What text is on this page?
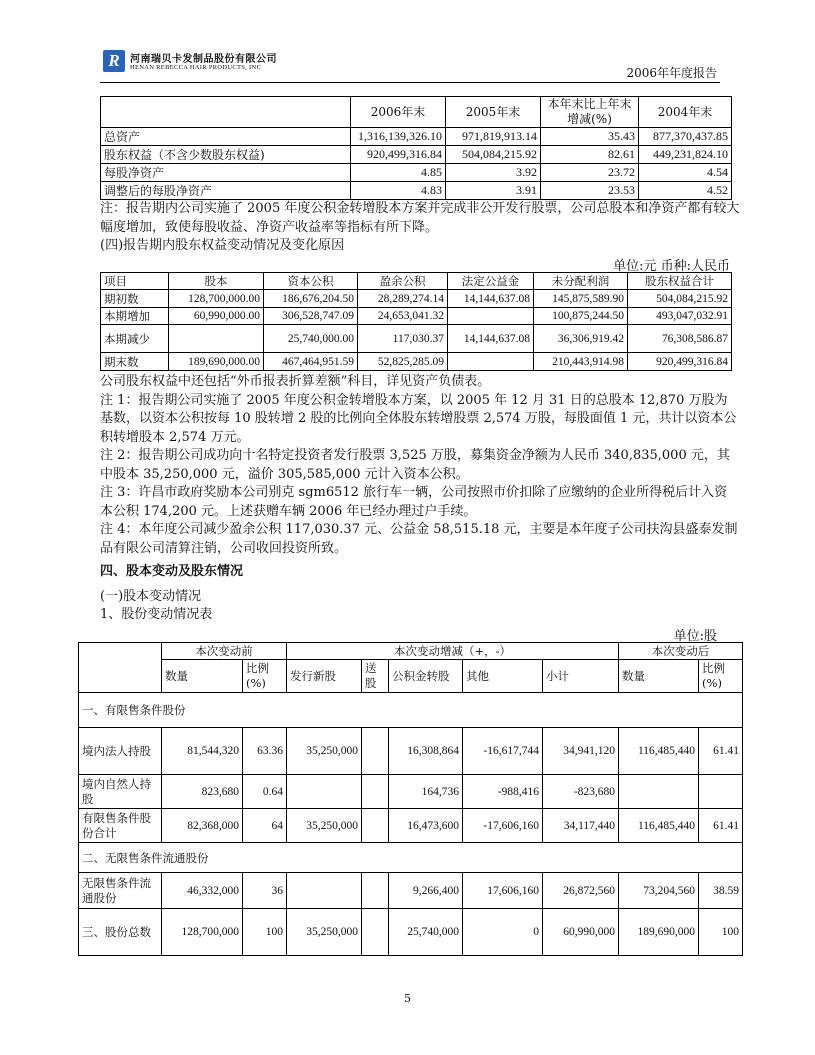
R	河南瑞贝卡发制品股份有限公司
HENAN REBECCA HAIR PRODUCTS, INC	2006年年度报告
	2006年末	2005年末	本年末比上年末增减(%)	2004年末
总资产	1,316,139,326.10	971,819,913.14	35.43	877,370,437.85
股东权益（不含少数股东权益)	920,499,316.84	504,084,215.92	82.61	449,231,824.10
每股净资产	4.85	3.92	23.72	4.54
调整后的每股净资产	4.83	3.91	23.53	4.52
注：报告期内公司实施了 2005 年度公积金转增股本方案并完成非公开发行股票，公司总股本和净资产都有较大幅度增加，致使每股收益、净资产收益率等指标有所下降。
(四)报告期内股东权益变动情况及变化原因
单位:元 币种:人民币
项目	股本	资本公积	盈余公积	法定公益金	未分配利润	股东权益合计
期初数	128,700,000.00	186,676,204.50	28,289,274.14	14,144,637.08	145,875,589.90	504,084,215.92
本期增加	60,990,000.00	306,528,747.09	24,653,041.32		100,875,244.50	493,047,032.91
本期减少		25,740,000.00	117,030.37	14,144,637.08	36,306,919.42	76,308,586.87
期末数	189,690,000.00	467,464,951.59	52,825,285.09		210,443,914.98	920,499,316.84
公司股东权益中还包括“外币报表折算差额”科目，详见资产负债表。
注 1：报告期公司实施了 2005 年度公积金转增股本方案，以 2005 年 12 月 31 日的总股本 12,870 万股为基数，以资本公积按每 10 股转增 2 股的比例向全体股东转增股票 2,574 万股，每股面值 1 元，共计以资本公积转增股本 2,574 万元。
注 2：报告期公司成功向十名特定投资者发行股票 3,525 万股，募集资金净额为人民币 340,835,000 元，其中股本 35,250,000 元，溢价 305,585,000 元计入资本公积。
注 3：许昌市政府奖励本公司别克 sgm6512 旅行车一辆，公司按照市价扣除了应缴纳的企业所得税后计入资本公积 174,200 元。上述获赠车辆 2006 年已经办理过户手续。
注 4：本年度公司减少盈余公积 117,030.37 元、公益金 58,515.18 元，主要是本年度子公司扶沟县盛泰发制品有限公司清算注销，公司收回投资所致。
四、股本变动及股东情况
(一)股本变动情况
1、股份变动情况表
单位:股
	本次变动前		本次变动增减（+，-）					本次变动后	
	数量	比例(%)	发行新股	送股	公积金转股	其他	小计	数量	比例(%)
一、有限售条件股份									
境内法人持股	81,544,320	63.36	35,250,000		16,308,864	-16,617,744	34,941,120	116,485,440	61.41
境内自然人持股	823,680	0.64			164,736	-988,416	-823,680		
有限售条件股份合计	82,368,000	64	35,250,000		16,473,600	-17,606,160	34,117,440	116,485,440	61.41
二、无限售条件流通股份									
无限售条件流通股份	46,332,000	36			9,266,400	17,606,160	26,872,560	73,204,560	38.59
三、股份总数	128,700,000	100	35,250,000		25,740,000	0	60,990,000	189,690,000	100
5
